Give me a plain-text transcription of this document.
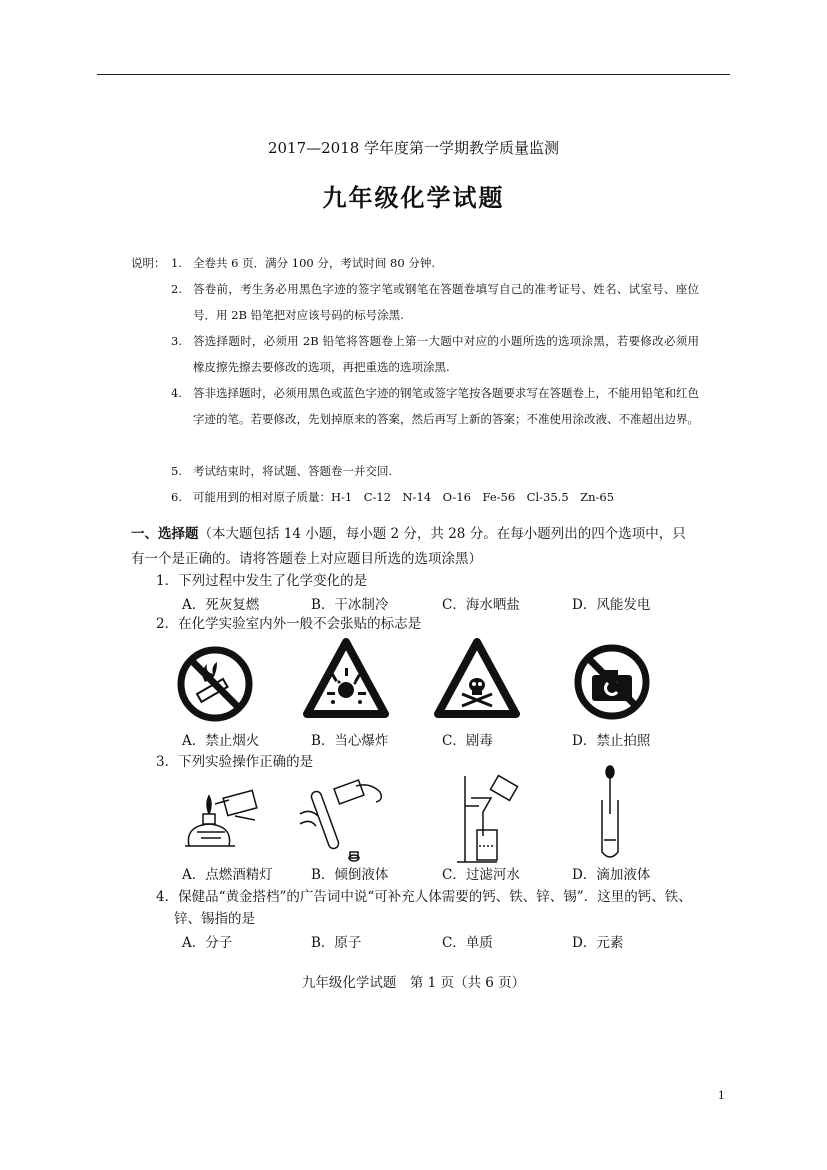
2017—2018 学年度第一学期教学质量监测
九年级化学试题
说明： 1. 全卷共 6 页．满分 100 分，考试时间 80 分钟.
2. 答卷前，考生务必用黑色字迹的签字笔或钢笔在答题卷填写自己的准考证号、姓名、试室号、座位号．用 2B 铅笔把对应该号码的标号涂黑.
3. 答选择题时，必须用 2B 铅笔将答题卷上第一大题中对应的小题所选的选项涂黑，若要修改必须用橡皮擦先擦去要修改的选项，再把重选的选项涂黑.
4. 答非选择题时，必须用黑色或蓝色字迹的钢笔或签字笔按各题要求写在答题卷上，不能用铅笔和红色字迹的笔。若要修改，先划掉原来的答案，然后再写上新的答案；不准使用涂改液、不准超出边界。
5. 考试结束时，将试题、答题卷一并交回.
6. 可能用到的相对原子质量：H-1　C-12　N-14　O-16　Fe-56　Cl-35.5　Zn-65
一、选择题（本大题包括 14 小题，每小题 2 分，共 28 分。在每小题列出的四个选项中，只有一个是正确的。请将答题卷上对应题目所选的选项涂黑）
1．下列过程中发生了化学变化的是
A．死灰复燃	B．干冰制冷	C．海水晒盐	D．风能发电
2．在化学实验室内外一般不会张贴的标志是
A．禁止烟火	B．当心爆炸	C．剧毒	D．禁止拍照
3．下列实验操作正确的是
A．点燃酒精灯	B．倾倒液体	C．过滤河水	D．滴加液体
4．保健品“黄金搭档”的广告词中说“可补充人体需要的钙、铁、锌、锡”．这里的钙、铁、
锌、锡指的是
A．分子	B．原子	C．单质	D．元素
九年级化学试题　第 1 页（共 6 页）
1
